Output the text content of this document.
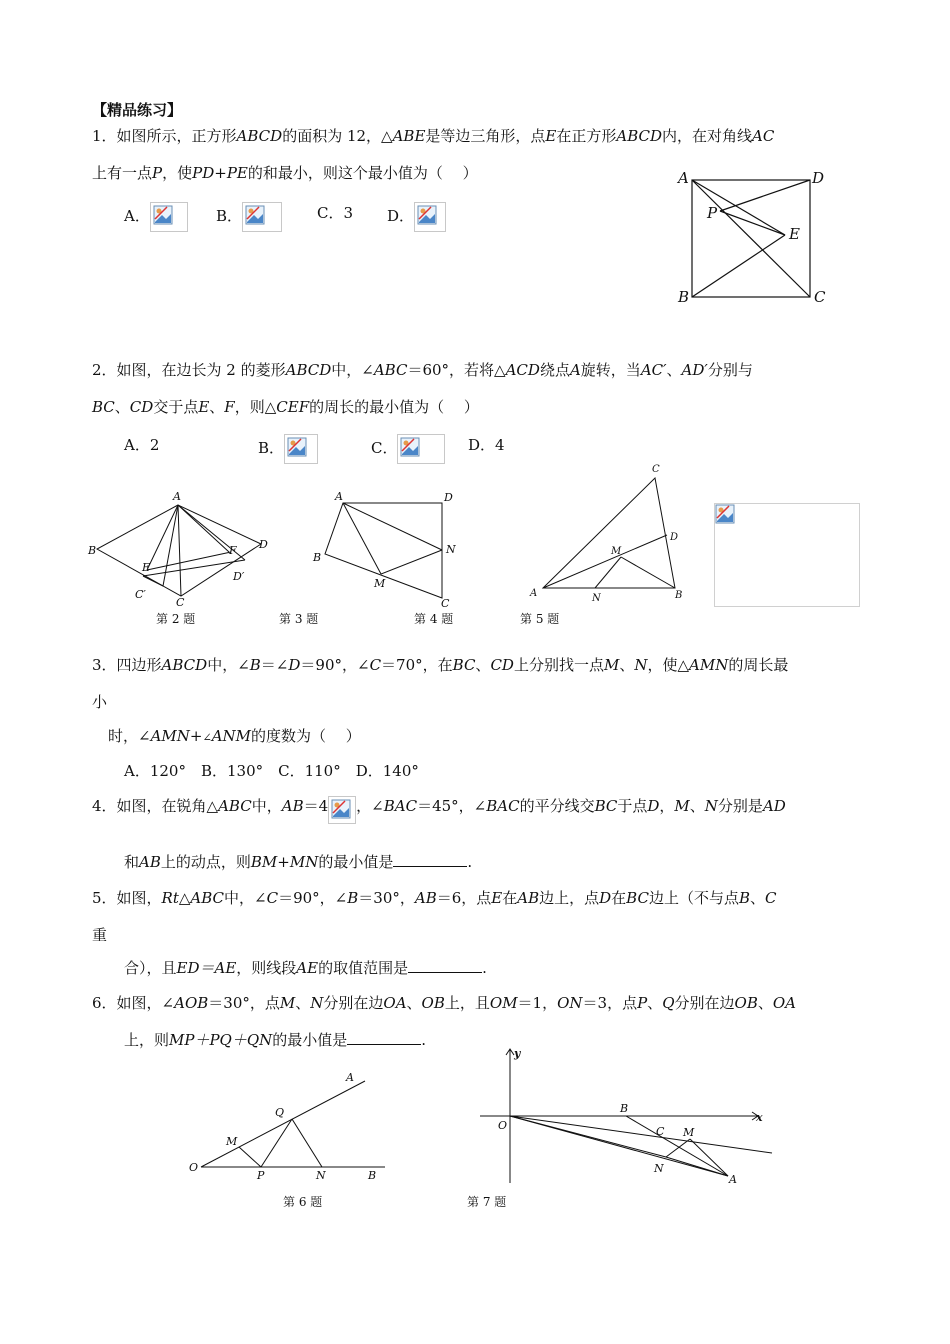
【精品练习】
1．如图所示，正方形ABCD的面积为 12，△ABE是等边三角形，点E在正方形ABCD内，在对角线AC
上有一点P，使PD+PE的和最小，则这个最小值为（　 ）
A．	B．	C．3 D．
A	D
P
E
B	C
2．如图，在边长为 2 的菱形ABCD中，∠ABC＝60°，若将△ACD绕点A旋转，当AC′、AD′分别与
BC、CD交于点E、F，则△CEF的周长的最小值为（　 ）
A．2	B．	C．	D．4
A
B	D
E
F
D′
C′
C
A	D
B
N
M
C
C
D
M
A	N	B
第 2 题	第 3 题	第 4 题	第 5 题
3．四边形ABCD中，∠B＝∠D＝90°，∠C＝70°，在BC、CD上分别找一点M、N，使△AMN的周长最
小
时，∠AMN+∠ANM的度数为（　 ）
A．120°　B．130°　C．110°　D．140°
4．如图，在锐角△ABC中，AB＝4 ，∠BAC＝45°，∠BAC的平分线交BC于点D，M、N分别是AD
和AB上的动点，则BM+MN的最小值是	.
5．如图，Rt△ABC中，∠C＝90°，∠B＝30°，AB＝6，点E在AB边上，点D在BC边上（不与点B、C
重
合），且ED＝AE，则线段AE的取值范围是	.
6．如图，∠AOB＝30°，点M、N分别在边OA、OB上，且OM＝1，ON＝3，点P、Q分别在边OB、OA
上，则MP＋PQ＋QN的最小值是	.
A
Q
M
O
P	N	B
y
x
O
B
C M
N
A
第 6 题	第 7 题
